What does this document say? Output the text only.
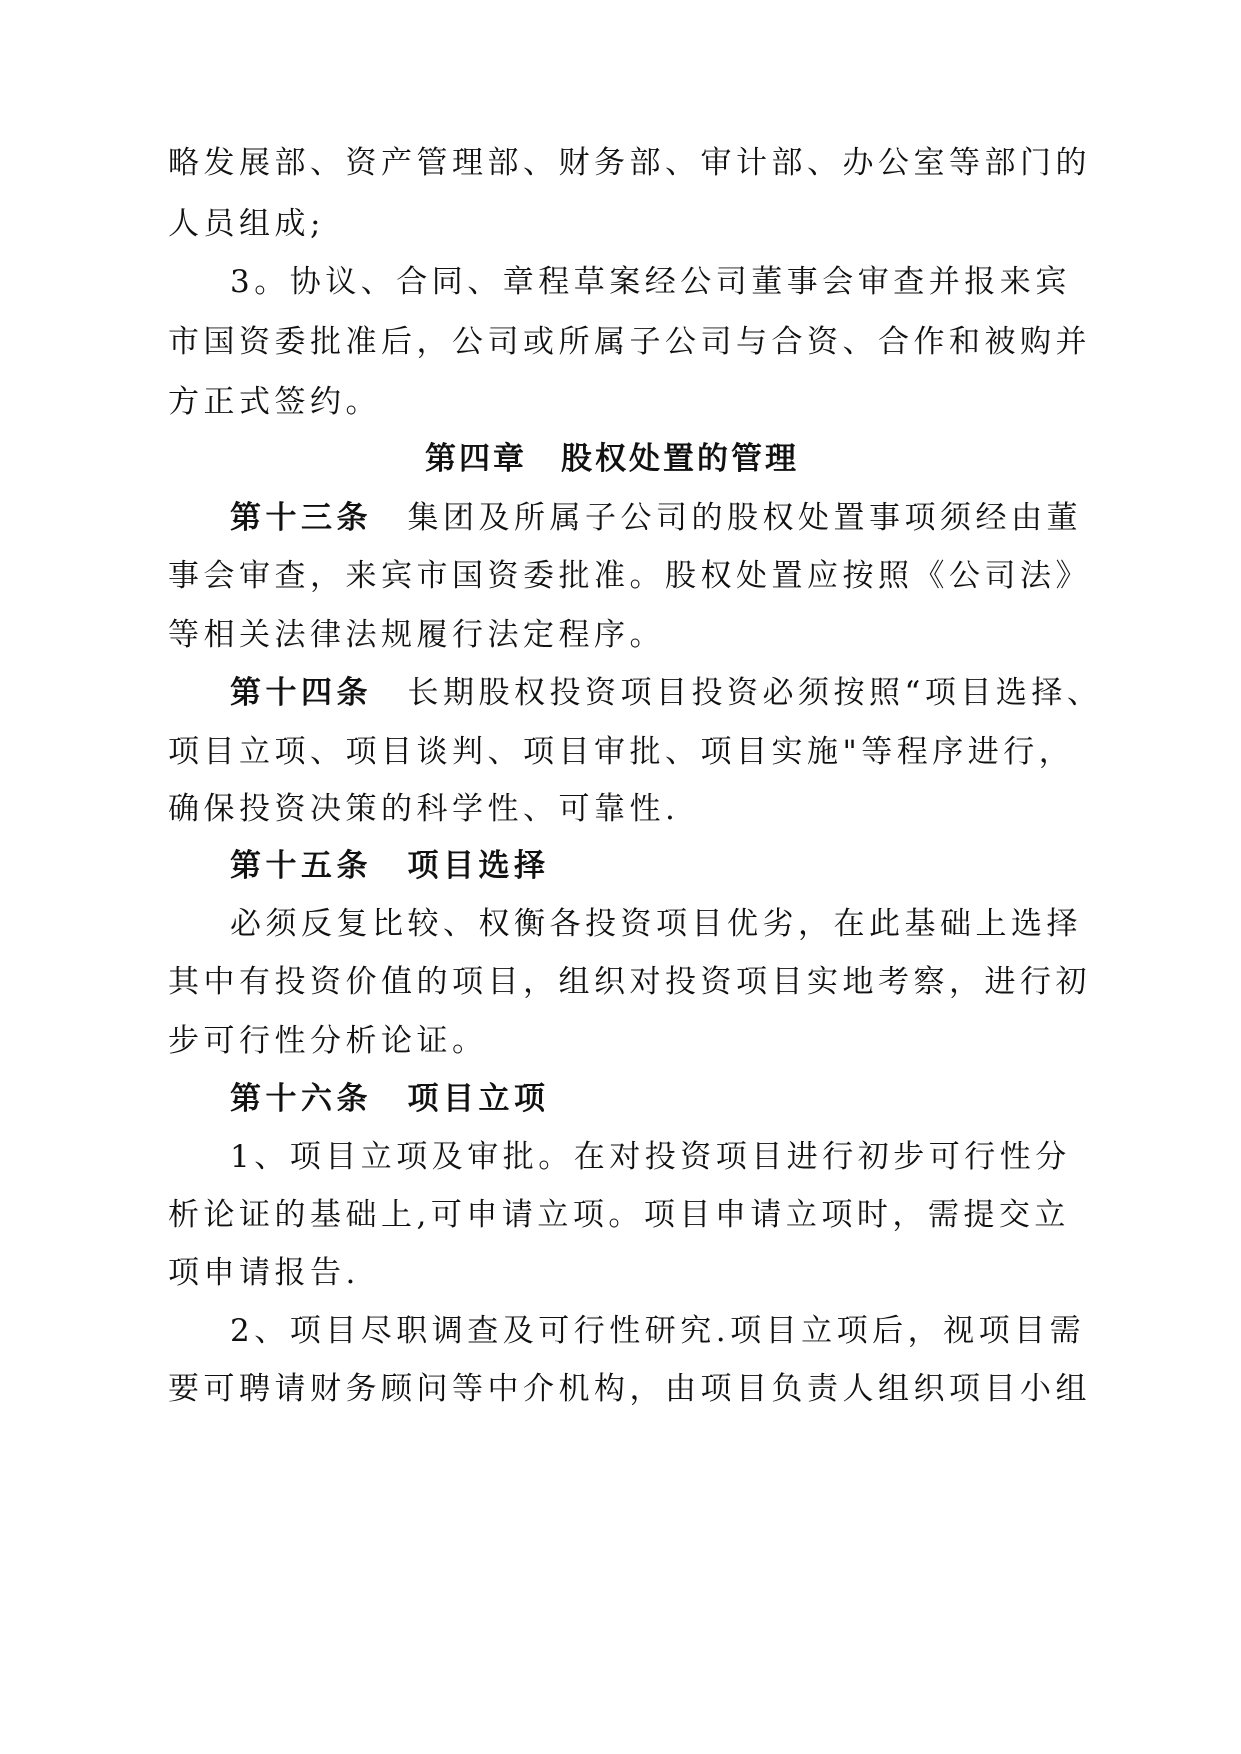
略发展部、资产管理部、财务部、审计部、办公室等部门的
人员组成;
3。协议、合同、章程草案经公司董事会审查并报来宾
市国资委批准后，公司或所属子公司与合资、合作和被购并
方正式签约。
第四章　股权处置的管理
第十三条　集团及所属子公司的股权处置事项须经由董
事会审查，来宾市国资委批准。股权处置应按照《公司法》
等相关法律法规履行法定程序。
第十四条　长期股权投资项目投资必须按照“项目选择、
项目立项、项目谈判、项目审批、项目实施"等程序进行，
确保投资决策的科学性、可靠性.
第十五条　项目选择
必须反复比较、权衡各投资项目优劣，在此基础上选择
其中有投资价值的项目，组织对投资项目实地考察，进行初
步可行性分析论证。
第十六条　项目立项
1、项目立项及审批。在对投资项目进行初步可行性分
析论证的基础上,可申请立项。项目申请立项时，需提交立
项申请报告.
2、项目尽职调查及可行性研究.项目立项后，视项目需
要可聘请财务顾问等中介机构，由项目负责人组织项目小组
